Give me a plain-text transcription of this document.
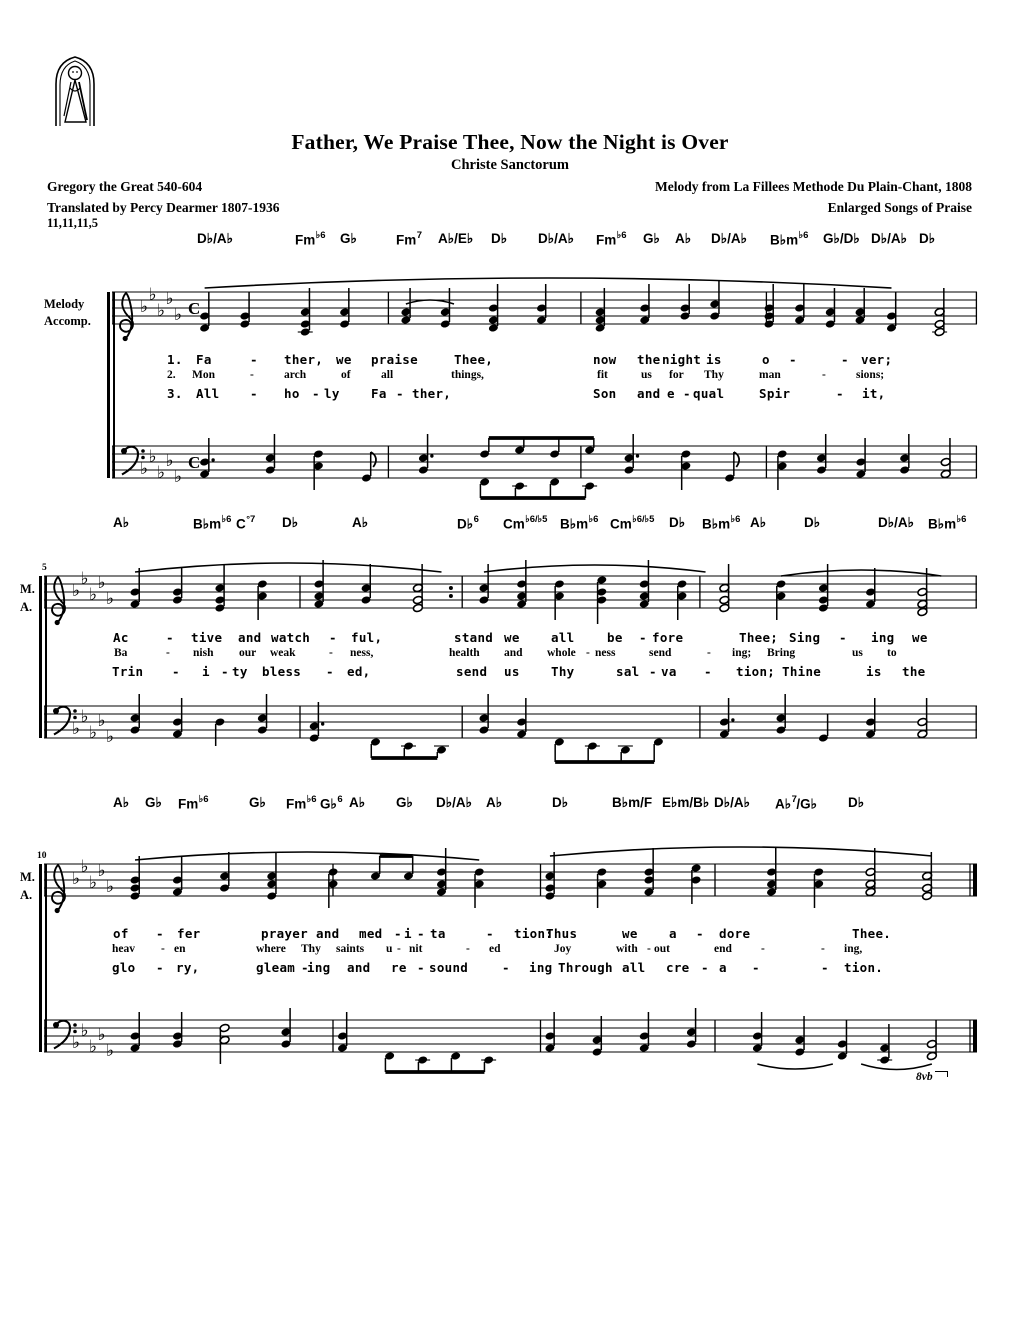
Father, We Praise Thee, Now the Night is Over
Christe Sanctorum
Gregory the Great 540-604
Translated by Percy Dearmer 1807-1936
11,11,11,5
Melody from La Fillees Methode Du Plain-Chant, 1808
Enlarged Songs of Praise
D♭/A♭	$Fm^{♭6}$ G♭	Fm$^7$ A♭/E♭ D♭ D♭/A♭ $Fm^{♭6}$ G♭ A♭ D♭/A♭ $B♭m^{♭6}$ G♭/D♭ D♭/A♭ D♭
A♭	$B♭m^{♭6}$ $C^{^\circ 7}$ D♭	A♭	D♭$^6$ $Cm^{♭6/♭5}$ $B♭m^{♭6}$ $Cm^{♭6/♭5}$ D♭ $B♭m^{♭6}$ A♭	D♭	D♭/A♭ $B♭m^{♭6}$
A♭ G♭ $Fm^{♭6}$	G♭ $Fm^{♭6}$ G♭$^6$ A♭ G♭ D♭/A♭ A♭	D♭	B♭m/F E♭m/B♭ D♭/A♭ A♭$^7$/G♭ D♭
Melody
Accomp.
♭
♭
♭
♭
♭ C
1. Fa	- ther, we praise	Thee,	now the night is	o -	- ver;
2. Mon	-	arch	of	all	things,	fit	us for Thy	man	-	sions;
3. All - ho - ly	Fa - ther,	Son and e - qual	Spir	- it,
♭
♭
♭
♭
♭
C
5
M.
A.
♭
♭
♭
♭
♭
Ac	- tive and watch - ful,	stand we	all	be - fore	Thee; Sing - ing we
Ba	- nish our weak	- ness,	health and whole - ness	send	- ing; Bring	us to
Trin - i - ty bless - ed,	send us	Thy	sal - va - tion; Thine	is the
♭
♭
♭
♭
♭
10
M.
A.
♭
♭
♭
♭
♭
of - fer	prayer and med - i - ta	- tion:
Thus	we	a - dore	Thee.
heav - en	where Thy saints u - nit	- ed	Joy	with - out	end	-	- ing,
glo - ry,	gleam -
ing and re - sound	- ing Through all cre - a -	- tion.
♭
♭
♭
♭
♭
8vb
